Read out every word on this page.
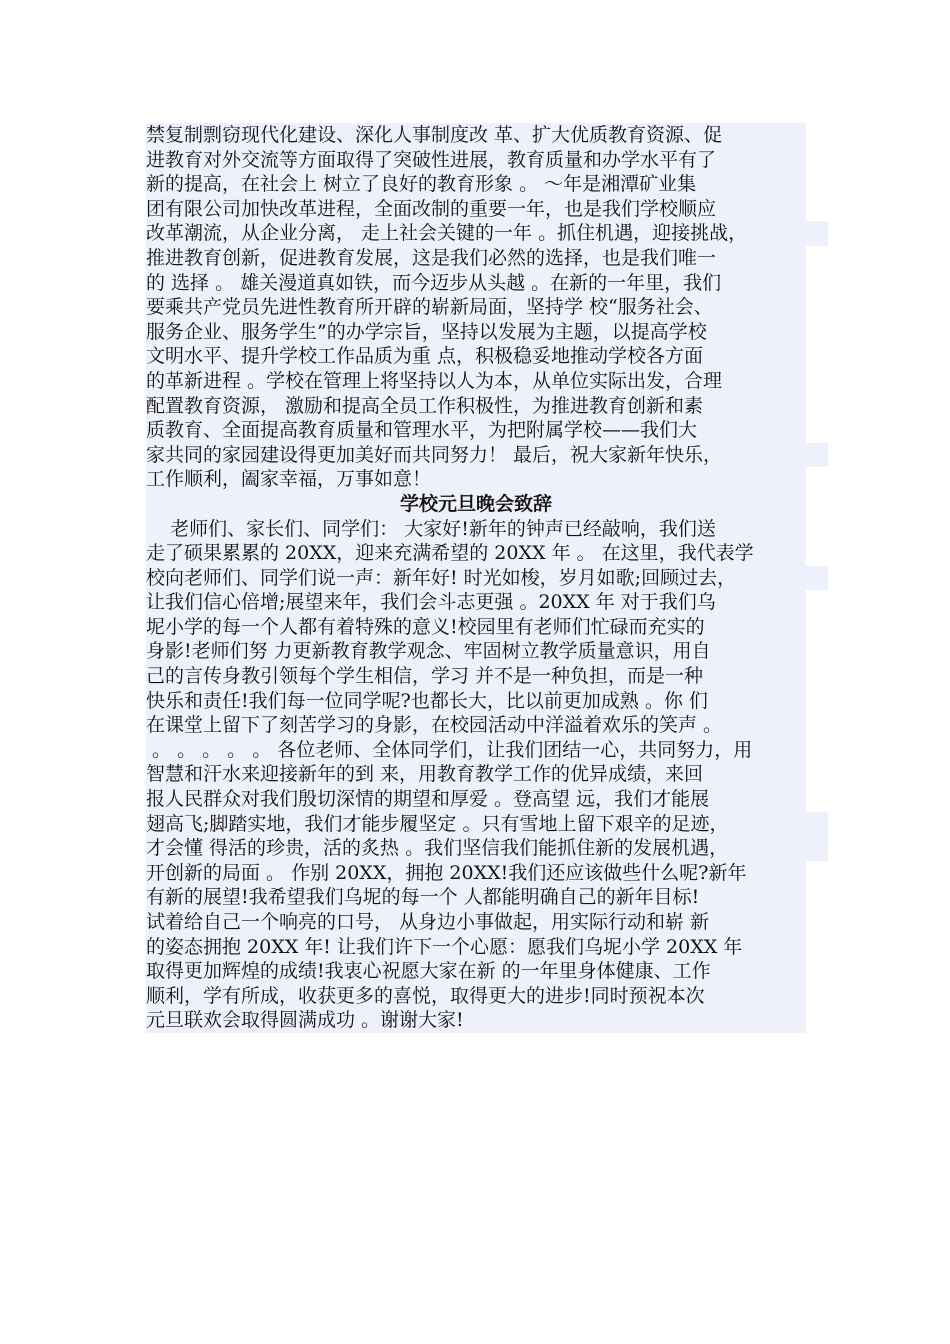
禁复制剽窃现代化建设、深化人事制度改 革、扩大优质教育资源、促
进教育对外交流等方面取得了突破性进展，教育质量和办学水平有了
新的提高，在社会上 树立了良好的教育形象 。 ～年是湘潭矿业集
团有限公司加快改革进程，全面改制的重要一年，也是我们学校顺应
改革潮流，从企业分离， 走上社会关键的一年 。抓住机遇，迎接挑战，
推进教育创新，促进教育发展，这是我们必然的选择，也是我们唯一
的 选择 。 雄关漫道真如铁，而今迈步从头越 。在新的一年里，我们
要乘共产党员先进性教育所开辟的崭新局面，坚持学 校“服务社会、
服务企业、服务学生”的办学宗旨，坚持以发展为主题，以提高学校
文明水平、提升学校工作品质为重 点，积极稳妥地推动学校各方面
的革新进程 。学校在管理上将坚持以人为本，从单位实际出发，合理
配置教育资源， 激励和提高全员工作积极性，为推进教育创新和素
质教育、全面提高教育质量和管理水平，为把附属学校——我们大
家共同的家园建设得更加美好而共同努力！ 最后，祝大家新年快乐，
工作顺利，阖家幸福，万事如意！
学校元旦晚会致辞
老师们、家长们、同学们： 大家好!新年的钟声已经敲响，我们送
走了硕果累累的 20XX，迎来充满希望的 20XX 年 。 在这里，我代表学
校向老师们、同学们说一声：新年好! 时光如梭，岁月如歌;回顾过去，
让我们信心倍增;展望来年，我们会斗志更强 。20XX 年 对于我们乌
坭小学的每一个人都有着特殊的意义!校园里有老师们忙碌而充实的
身影!老师们努 力更新教育教学观念、牢固树立教学质量意识，用自
己的言传身教引领每个学生相信，学习 并不是一种负担，而是一种
快乐和责任!我们每一位同学呢?也都长大，比以前更加成熟 。你 们
在课堂上留下了刻苦学习的身影，在校园活动中洋溢着欢乐的笑声 。
。 。 。 。 。 各位老师、全体同学们，让我们团结一心，共同努力，用
智慧和汗水来迎接新年的到 来，用教育教学工作的优异成绩，来回
报人民群众对我们殷切深情的期望和厚爱 。登高望 远，我们才能展
翅高飞;脚踏实地，我们才能步履坚定 。只有雪地上留下艰辛的足迹，
才会懂 得活的珍贵，活的炙热 。我们坚信我们能抓住新的发展机遇，
开创新的局面 。 作别 20XX，拥抱 20XX!我们还应该做些什么呢?新年
有新的展望!我希望我们乌坭的每一个 人都能明确自己的新年目标!
试着给自己一个响亮的口号， 从身边小事做起，用实际行动和崭 新
的姿态拥抱 20XX 年! 让我们许下一个心愿：愿我们乌坭小学 20XX 年
取得更加辉煌的成绩!我衷心祝愿大家在新 的一年里身体健康、工作
顺利，学有所成，收获更多的喜悦，取得更大的进步!同时预祝本次
元旦联欢会取得圆满成功 。谢谢大家!
